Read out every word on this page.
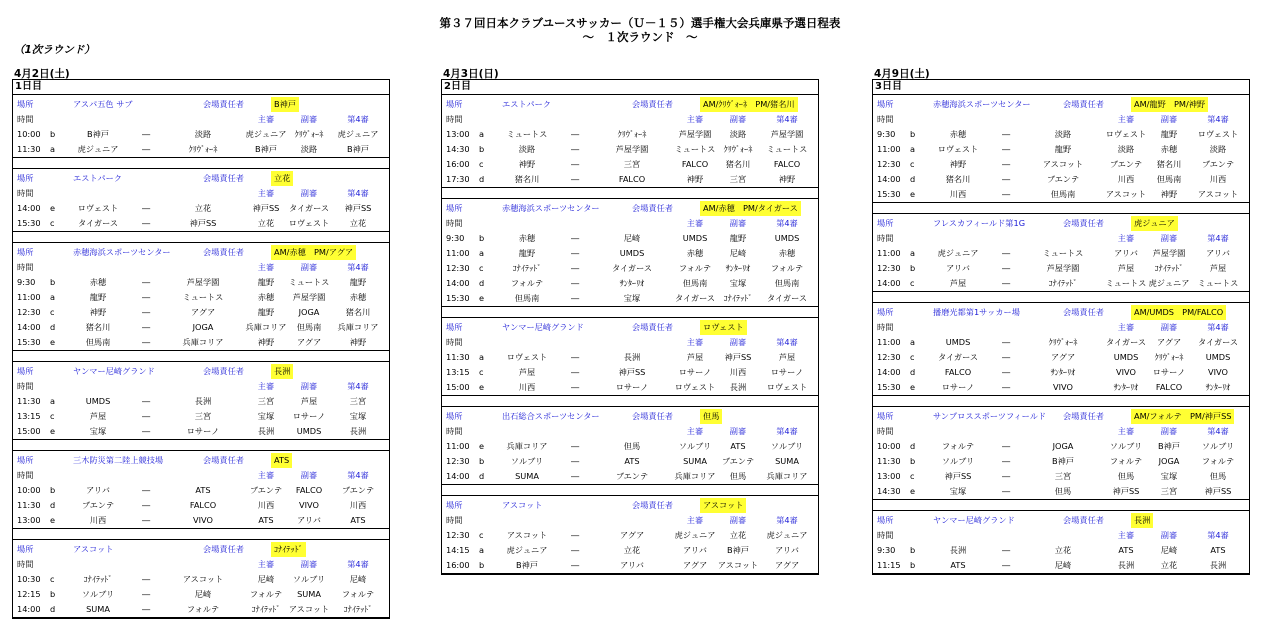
第３７回日本クラブユースサッカー（Ｕ－１５）選手権大会兵庫県予選日程表
～　１次ラウンド　～
（1次ラウンド）
4月2日(土)
1日目
場所	アスパ五色 サブ	会場責任者	B神戸
時間	主審	副審	第4審
10:00 b	B神戸	―	淡路	虎ジュニア	ｸﾘｳﾞｫｰﾈ	虎ジュニア
11:30 a	虎ジュニア	―	ｸﾘｳﾞｫｰﾈ	B神戸	淡路	B神戸
場所	エストパーク	会場責任者	立花
時間	主審	副審	第4審
14:00 e	ロヴェスト	―	立花	神戸SS	タイガース	神戸SS
15:30 c	タイガース	―	神戸SS	立花	ロヴェスト	立花
場所	赤穂海浜スポーツセンター	会場責任者	AM/赤穂　PM/アグア
時間	主審	副審	第4審
9:30 b	赤穂	―	芦屋学園	龍野	ミュートス	龍野
11:00 a	龍野	―	ミュートス	赤穂	芦屋学園	赤穂
12:30 c	神野	―	アグア	龍野	JOGA	猪名川
14:00 d	猪名川	―	JOGA	兵庫コリア	但馬南	兵庫コリア
15:30 e	但馬南	―	兵庫コリア	神野	アグア	神野
場所	ヤンマー尼崎グランド	会場責任者	長洲
時間	主審	副審	第4審
11:30 a	UMDS	―	長洲	三宮	芦屋	三宮
13:15 c	芦屋	―	三宮	宝塚	ロサーノ	宝塚
15:00 e	宝塚	―	ロサーノ	長洲	UMDS	長洲
場所	三木防災第二陸上競技場	会場責任者	ATS
時間	主審	副審	第4審
10:00 b	アリバ	―	ATS	ブエンテ	FALCO	ブエンテ
11:30 d	ブエンテ	―	FALCO	川西	VIVO	川西
13:00 e	川西	―	VIVO	ATS	アリバ	ATS
場所	アスコット	会場責任者	ｺﾅｲﾃｯﾄﾞ
時間	主審	副審	第4審
10:30 c	ｺﾅｲﾃｯﾄﾞ	―	アスコット	尼崎	ソルブリ	尼崎
12:15 b	ソルブリ	―	尼崎	フォルテ	SUMA	フォルテ
14:00 d	SUMA	―	フォルテ	ｺﾅｲﾃｯﾄﾞ	アスコット	ｺﾅｲﾃｯﾄﾞ
4月3日(日)
2日目
場所	エストパーク	会場責任者	AM/ｸﾘｳﾞｫｰﾈ　PM/猪名川
時間	主審	副審	第4審
13:00 a	ミュートス	―	ｸﾘｳﾞｫｰﾈ	芦屋学園	淡路	芦屋学園
14:30 b	淡路	―	芦屋学園	ミュートス	ｸﾘｳﾞｫｰﾈ	ミュートス
16:00 c	神野	―	三宮	FALCO	猪名川	FALCO
17:30 d	猪名川	―	FALCO	神野	三宮	神野
場所	赤穂海浜スポーツセンター	会場責任者	AM/赤穂　PM/タイガース
時間	主審	副審	第4審
9:30 b	赤穂	―	尼崎	UMDS	龍野	UMDS
11:00 a	龍野	―	UMDS	赤穂	尼崎	赤穂
12:30 c	ｺﾅｲﾃｯﾄﾞ	―	タイガース	フォルテ	ｻﾝﾀｰﾘｵ	フォルテ
14:00 d	フォルテ	―	ｻﾝﾀｰﾘｵ	但馬南	宝塚	但馬南
15:30 e	但馬南	―	宝塚	タイガース	ｺﾅｲﾃｯﾄﾞ	タイガース
場所	ヤンマー尼崎グランド	会場責任者	ロヴェスト
時間	主審	副審	第4審
11:30 a	ロヴェスト	―	長洲	芦屋	神戸SS	芦屋
13:15 c	芦屋	―	神戸SS	ロサーノ	川西	ロサーノ
15:00 e	川西	―	ロサーノ	ロヴェスト	長洲	ロヴェスト
場所	出石総合スポーツセンター	会場責任者	但馬
時間	主審	副審	第4審
11:00 e	兵庫コリア	―	但馬	ソルブリ	ATS	ソルブリ
12:30 b	ソルブリ	―	ATS	SUMA	ブエンテ	SUMA
14:00 d	SUMA	―	ブエンテ	兵庫コリア	但馬	兵庫コリア
場所	アスコット	会場責任者	アスコット
時間	主審	副審	第4審
12:30 c	アスコット	―	アグア	虎ジュニア	立花	虎ジュニア
14:15 a	虎ジュニア	―	立花	アリバ	B神戸	アリバ
16:00 b	B神戸	―	アリバ	アグア	アスコット	アグア
4月9日(土)
3日目
場所	赤穂海浜スポーツセンター	会場責任者	AM/龍野　PM/神野
時間	主審	副審	第4審
9:30 b	赤穂	―	淡路	ロヴェスト	龍野	ロヴェスト
11:00 a	ロヴェスト	―	龍野	淡路	赤穂	淡路
12:30 c	神野	―	アスコット	ブエンテ	猪名川	ブエンテ
14:00 d	猪名川	―	ブエンテ	川西	但馬南	川西
15:30 e	川西	―	但馬南	アスコット	神野	アスコット
場所	フレスカフィールド第1G	会場責任者	虎ジュニア
時間	主審	副審	第4審
11:00 a	虎ジュニア	―	ミュートス	アリバ	芦屋学園	アリバ
12:30 b	アリバ	―	芦屋学園	芦屋	ｺﾅｲﾃｯﾄﾞ	芦屋
14:00 c	芦屋	―	ｺﾅｲﾃｯﾄﾞ	ミュートス 虎ジュニア	ミュートス
場所	播磨光都第1サッカー場	会場責任者	AM/UMDS　PM/FALCO
時間	主審	副審	第4審
11:00 a	UMDS	―	ｸﾘｳﾞｫｰﾈ	タイガース	アグア	タイガース
12:30 c	タイガース	―	アグア	UMDS	ｸﾘｳﾞｫｰﾈ	UMDS
14:00 d	FALCO	―	ｻﾝﾀｰﾘｵ	VIVO	ロサーノ	VIVO
15:30 e	ロサーノ	―	VIVO	ｻﾝﾀｰﾘｵ	FALCO	ｻﾝﾀｰﾘｵ
場所	サンプロススポーツフィールド 会場責任者	AM/フォルテ　PM/神戸SS
時間	主審	副審	第4審
10:00 d	フォルテ	―	JOGA	ソルブリ	B神戸	ソルブリ
11:30 b	ソルブリ	―	B神戸	フォルテ	JOGA	フォルテ
13:00 c	神戸SS	―	三宮	但馬	宝塚	但馬
14:30 e	宝塚	―	但馬	神戸SS	三宮	神戸SS
場所	ヤンマー尼崎グランド	会場責任者	長洲
時間	主審	副審	第4審
9:30 b	長洲	―	立花	ATS	尼崎	ATS
11:15 b	ATS	―	尼崎	長洲	立花	長洲
